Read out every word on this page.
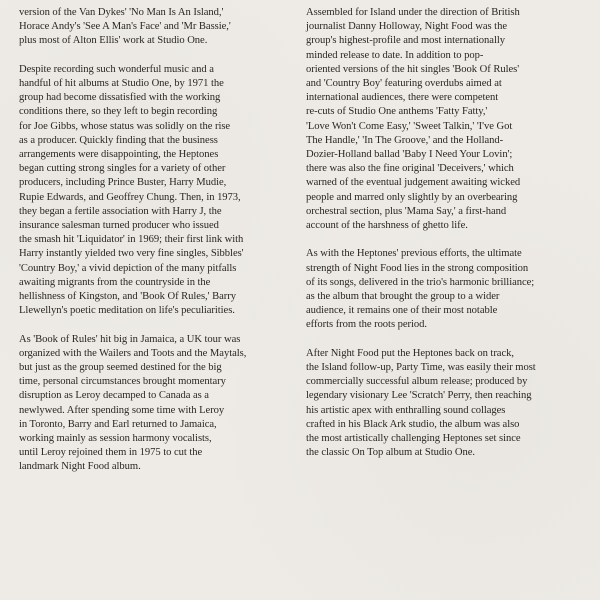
version of the Van Dykes' 'No Man Is An Island,'
Horace Andy's 'See A Man's Face' and 'Mr Bassie,'
plus most of Alton Ellis' work at Studio One.

Despite recording such wonderful music and a
handful of hit albums at Studio One, by 1971 the
group had become dissatisfied with the working
conditions there, so they left to begin recording
for Joe Gibbs, whose status was solidly on the rise
as a producer. Quickly finding that the business
arrangements were disappointing, the Heptones
began cutting strong singles for a variety of other
producers, including Prince Buster, Harry Mudie,
Rupie Edwards, and Geoffrey Chung. Then, in 1973,
they began a fertile association with Harry J, the
insurance salesman turned producer who issued
the smash hit 'Liquidator' in 1969; their first link with
Harry instantly yielded two very fine singles, Sibbles'
'Country Boy,' a vivid depiction of the many pitfalls
awaiting migrants from the countryside in the
hellishness of Kingston, and 'Book Of Rules,' Barry
Llewellyn's poetic meditation on life's peculiarities.

As 'Book of Rules' hit big in Jamaica, a UK tour was
organized with the Wailers and Toots and the Maytals,
but just as the group seemed destined for the big
time, personal circumstances brought momentary
disruption as Leroy decamped to Canada as a
newlywed. After spending some time with Leroy
in Toronto, Barry and Earl returned to Jamaica,
working mainly as session harmony vocalists,
until Leroy rejoined them in 1975 to cut the
landmark Night Food album.

Assembled for Island under the direction of British
journalist Danny Holloway, Night Food was the
group's highest-profile and most internationally
minded release to date. In addition to pop-
oriented versions of the hit singles 'Book Of Rules'
and 'Country Boy' featuring overdubs aimed at
international audiences, there were competent
re-cuts of Studio One anthems 'Fatty Fatty,'
'Love Won't Come Easy,' 'Sweet Talkin,' 'I've Got
The Handle,' 'In The Groove,' and the Holland-
Dozier-Holland ballad 'Baby I Need Your Lovin';
there was also the fine original 'Deceivers,' which
warned of the eventual judgement awaiting wicked
people and marred only slightly by an overbearing
orchestral section, plus 'Mama Say,' a first-hand
account of the harshness of ghetto life.

As with the Heptones' previous efforts, the ultimate
strength of Night Food lies in the strong composition
of its songs, delivered in the trio's harmonic brilliance;
as the album that brought the group to a wider
audience, it remains one of their most notable
efforts from the roots period.

After Night Food put the Heptones back on track,
the Island follow-up, Party Time, was easily their most
commercially successful album release; produced by
legendary visionary Lee 'Scratch' Perry, then reaching
his artistic apex with enthralling sound collages
crafted in his Black Ark studio, the album was also
the most artistically challenging Heptones set since
the classic On Top album at Studio One.
